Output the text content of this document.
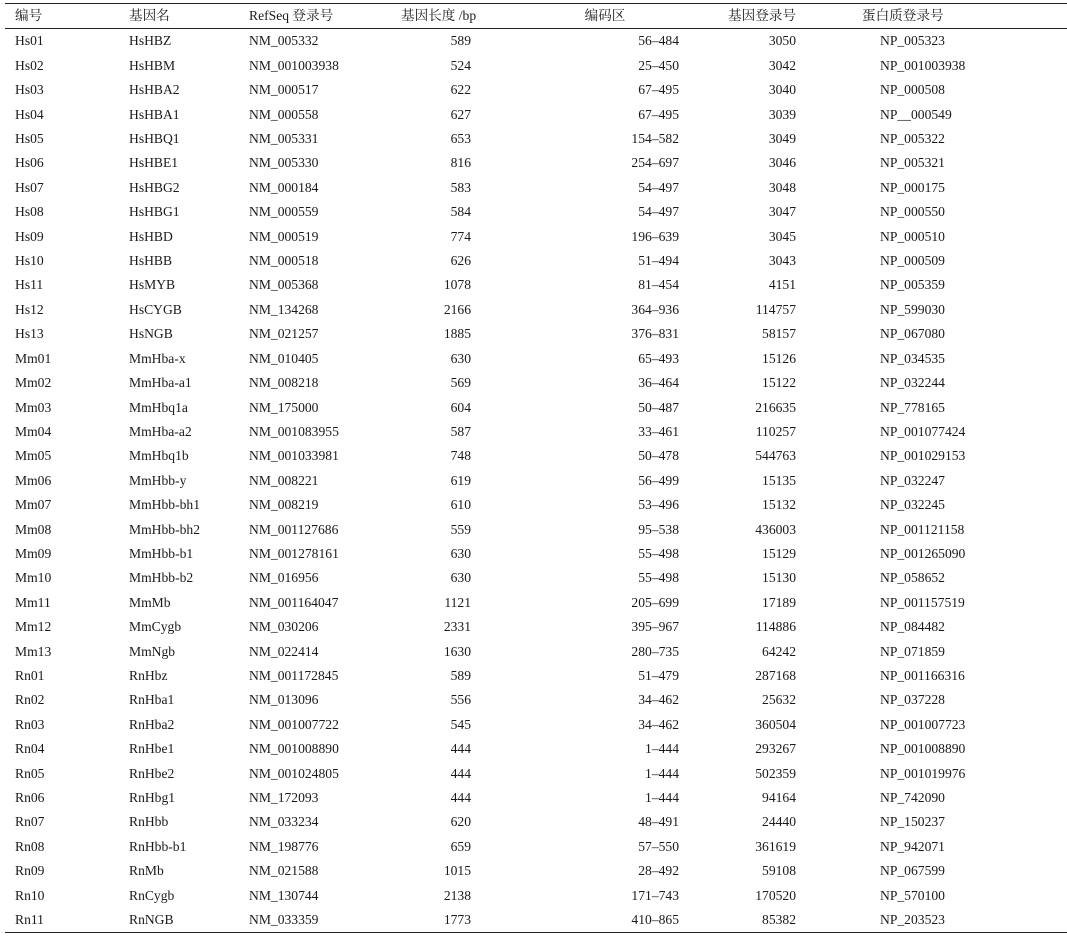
编号	基因名	RefSeq 登录号	基因长度 /bp	编码区	基因登录号	蛋白质登录号
Hs01	HsHBZ	NM_005332	589	56–484	3050	NP_005323
Hs02	HsHBM	NM_001003938	524	25–450	3042	NP_001003938
Hs03	HsHBA2	NM_000517	622	67–495	3040	NP_000508
Hs04	HsHBA1	NM_000558	627	67–495	3039	NP__000549
Hs05	HsHBQ1	NM_005331	653	154–582	3049	NP_005322
Hs06	HsHBE1	NM_005330	816	254–697	3046	NP_005321
Hs07	HsHBG2	NM_000184	583	54–497	3048	NP_000175
Hs08	HsHBG1	NM_000559	584	54–497	3047	NP_000550
Hs09	HsHBD	NM_000519	774	196–639	3045	NP_000510
Hs10	HsHBB	NM_000518	626	51–494	3043	NP_000509
Hs11	HsMYB	NM_005368	1078	81–454	4151	NP_005359
Hs12	HsCYGB	NM_134268	2166	364–936	114757	NP_599030
Hs13	HsNGB	NM_021257	1885	376–831	58157	NP_067080
Mm01	MmHba-x	NM_010405	630	65–493	15126	NP_034535
Mm02	MmHba-a1	NM_008218	569	36–464	15122	NP_032244
Mm03	MmHbq1a	NM_175000	604	50–487	216635	NP_778165
Mm04	MmHba-a2	NM_001083955	587	33–461	110257	NP_001077424
Mm05	MmHbq1b	NM_001033981	748	50–478	544763	NP_001029153
Mm06	MmHbb-y	NM_008221	619	56–499	15135	NP_032247
Mm07	MmHbb-bh1	NM_008219	610	53–496	15132	NP_032245
Mm08	MmHbb-bh2	NM_001127686	559	95–538	436003	NP_001121158
Mm09	MmHbb-b1	NM_001278161	630	55–498	15129	NP_001265090
Mm10	MmHbb-b2	NM_016956	630	55–498	15130	NP_058652
Mm11	MmMb	NM_001164047	1121	205–699	17189	NP_001157519
Mm12	MmCygb	NM_030206	2331	395–967	114886	NP_084482
Mm13	MmNgb	NM_022414	1630	280–735	64242	NP_071859
Rn01	RnHbz	NM_001172845	589	51–479	287168	NP_001166316
Rn02	RnHba1	NM_013096	556	34–462	25632	NP_037228
Rn03	RnHba2	NM_001007722	545	34–462	360504	NP_001007723
Rn04	RnHbe1	NM_001008890	444	1–444	293267	NP_001008890
Rn05	RnHbe2	NM_001024805	444	1–444	502359	NP_001019976
Rn06	RnHbg1	NM_172093	444	1–444	94164	NP_742090
Rn07	RnHbb	NM_033234	620	48–491	24440	NP_150237
Rn08	RnHbb-b1	NM_198776	659	57–550	361619	NP_942071
Rn09	RnMb	NM_021588	1015	28–492	59108	NP_067599
Rn10	RnCygb	NM_130744	2138	171–743	170520	NP_570100
Rn11	RnNGB	NM_033359	1773	410–865	85382	NP_203523
